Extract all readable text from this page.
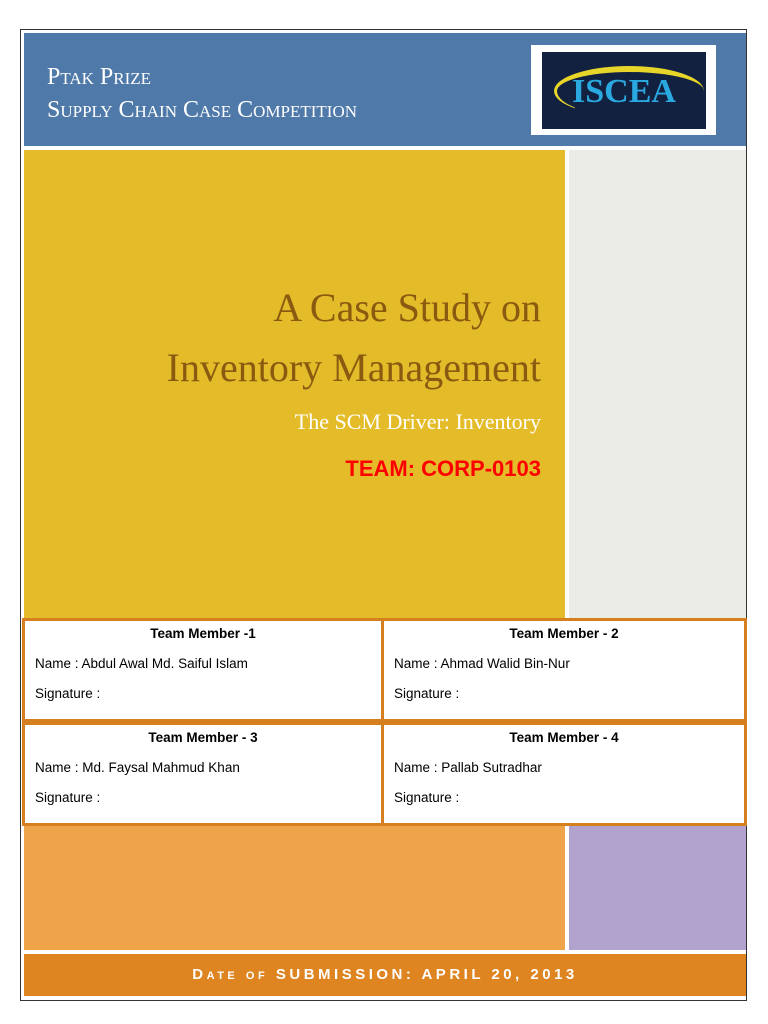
Ptak Prize
Supply Chain Case Competition	ISCEA
A Case Study on
Inventory Management
The SCM Driver: Inventory
TEAM: CORP-0103
Team Member -1
Name : Abdul Awal Md. Saiful Islam
Signature :
Team Member - 2
Name : Ahmad Walid Bin-Nur
Signature :
Team Member - 3
Name : Md. Faysal Mahmud Khan
Signature :
Team Member - 4
Name : Pallab Sutradhar
Signature :
Date of SUBMISSION: APRIL 20, 2013
